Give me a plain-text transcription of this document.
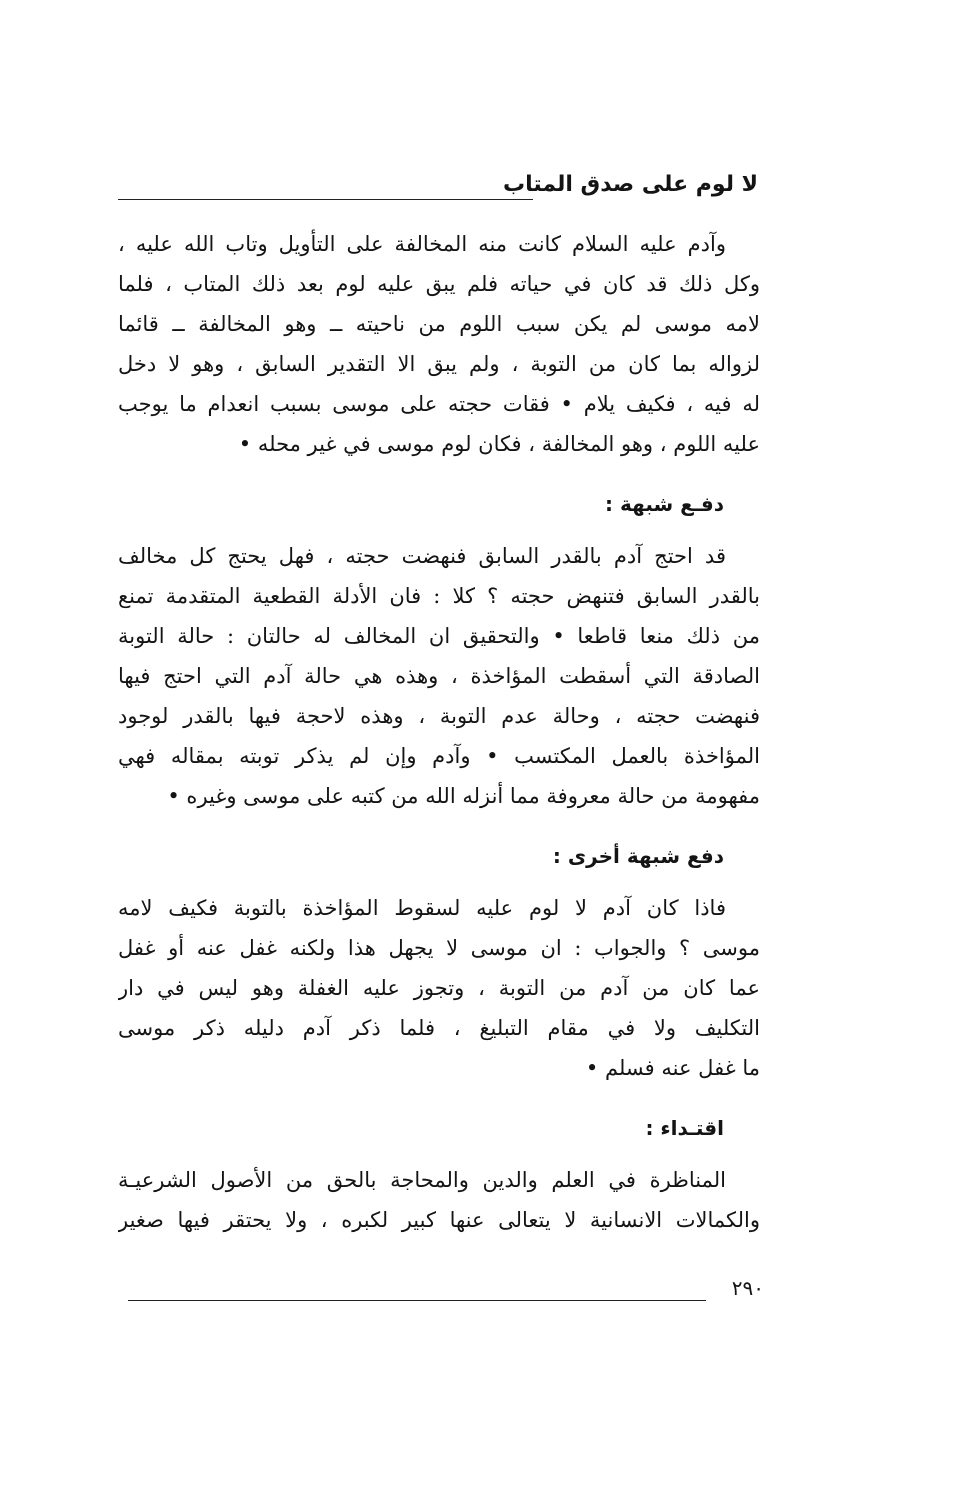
لا لوم على صدق المتاب
وآدم عليه السلام كانت منه المخالفة على التأويل وتاب الله عليه ،
وكل ذلك قد كان في حياته فلم يبق عليه لوم بعد ذلك المتاب ، فلما
لامه موسى لم يكن سبب اللوم من ناحيته ــ وهو المخالفة ــ قائما
لزواله بما كان من التوبة ، ولم يبق الا التقدير السابق ، وهو لا دخل
له فيه ، فكيف يلام • فقات حجته على موسى بسبب انعدام ما يوجب
عليه اللوم ، وهو المخالفة ، فكان لوم موسى في غير محله •
دفـع شبهة :
قد احتج آدم بالقدر السابق فنهضت حجته ، فهل يحتج كل مخالف
بالقدر السابق فتنهض حجته ؟ كلا : فان الأدلة القطعية المتقدمة تمنع
من ذلك منعا قاطعا • والتحقيق ان المخالف له حالتان : حالة التوبة
الصادقة التي أسقطت المؤاخذة ، وهذه هي حالة آدم التي احتج فيها
فنهضت حجته ، وحالة عدم التوبة ، وهذه لاحجة فيها بالقدر لوجود
المؤاخذة بالعمل المكتسب • وآدم وإن لم يذكر توبته بمقاله فهي
مفهومة من حالة معروفة مما أنزله الله من كتبه على موسى وغيره •
دفع شبهة أخرى :
فاذا كان آدم لا لوم عليه لسقوط المؤاخذة بالتوبة فكيف لامه
موسى ؟ والجواب : ان موسى لا يجهل هذا ولكنه غفل عنه أو غفل
عما كان من آدم من التوبة ، وتجوز عليه الغفلة وهو ليس في دار
التكليف ولا في مقام التبليغ ، فلما ذكر آدم دليله ذكر موسى
ما غفل عنه فسلم •
اقتـداء :
المناظرة في العلم والدين والمحاجة بالحق من الأصول الشرعيـة
والكمالات الانسانية لا يتعالى عنها كبير لكبره ، ولا يحتقر فيها صغير
٢٩٠
